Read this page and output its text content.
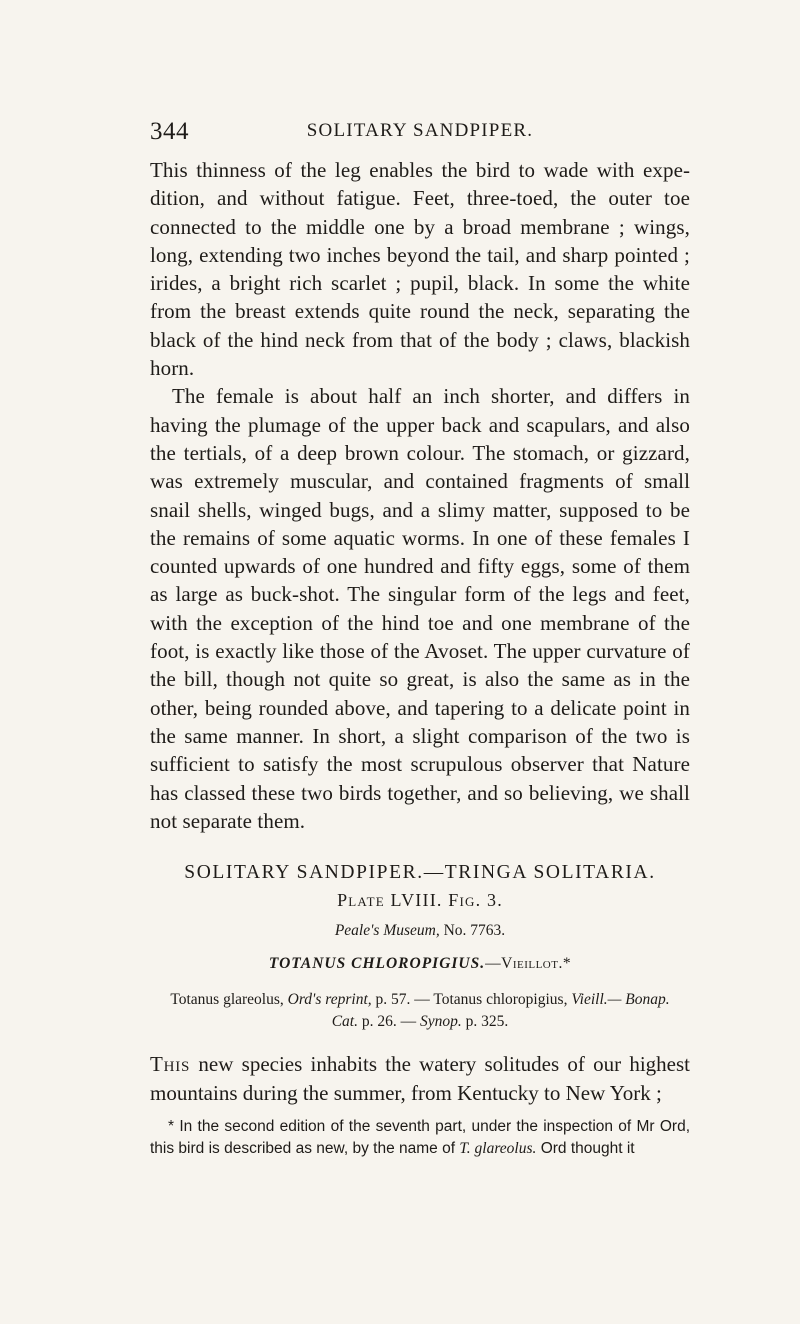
344	SOLITARY SANDPIPER.

This thinness of the leg enables the bird to wade with expedition, and without fatigue. Feet, three-toed, the outer toe connected to the middle one by a broad membrane ; wings, long, extending two inches beyond the tail, and sharp pointed ; irides, a bright rich scarlet ; pupil, black. In some the white from the breast extends quite round the neck, separating the black of the hind neck from that of the body ; claws, blackish horn.

The female is about half an inch shorter, and differs in having the plumage of the upper back and scapulars, and also the tertials, of a deep brown colour. The stomach, or gizzard, was extremely muscular, and contained fragments of small snail shells, winged bugs, and a slimy matter, supposed to be the remains of some aquatic worms. In one of these females I counted upwards of one hundred and fifty eggs, some of them as large as buck-shot. The singular form of the legs and feet, with the exception of the hind toe and one membrane of the foot, is exactly like those of the Avoset. The upper curvature of the bill, though not quite so great, is also the same as in the other, being rounded above, and tapering to a delicate point in the same manner. In short, a slight comparison of the two is sufficient to satisfy the most scrupulous observer that Nature has classed these two birds together, and so believing, we shall not separate them.

SOLITARY SANDPIPER.—TRINGA SOLITARIA.
Plate LVIII. Fig. 3.
Peale's Museum, No. 7763.
TOTANUS CHLOROPIGIUS.—Vieillot.*
Totanus glareolus, Ord's reprint, p. 57. — Totanus chloropigius, Vieill.— Bonap.
Cat. p. 26. — Synop. p. 325.
This new species inhabits the watery solitudes of our highest mountains during the summer, from Kentucky to New York ;
* In the second edition of the seventh part, under the inspection of Mr Ord, this bird is described as new, by the name of T. glareolus. Ord thought it
